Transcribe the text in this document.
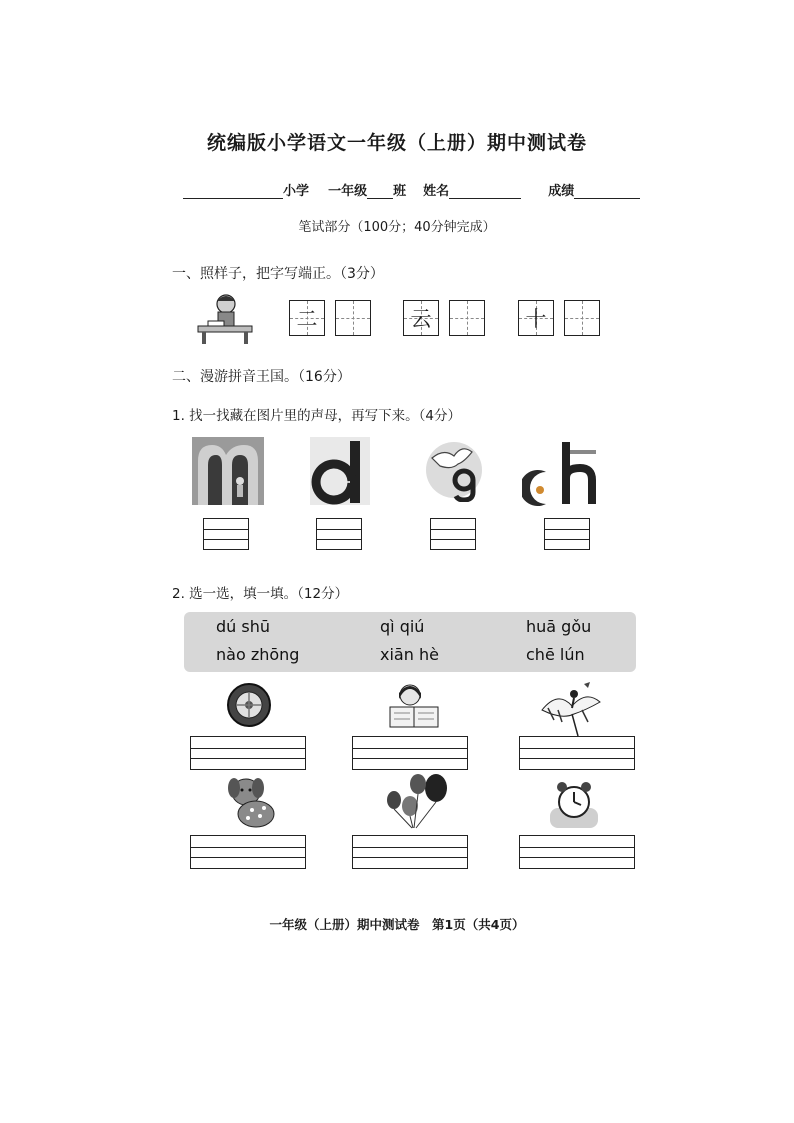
统编版小学语文一年级（上册）期中测试卷
小学 一年级 班 姓名	成绩
笔试部分（100分；40分钟完成）
一、照样子，把字写端正。（3分）
二	云	十
二、漫游拼音王国。（16分）
1. 找一找藏在图片里的声母，再写下来。（4分）
2. 选一选，填一填。（12分）
dú shū	qì qiú	huā gǒu
nào zhōng	xiān hè	chē lún
一年级（上册）期中测试卷　第1页（共4页）
